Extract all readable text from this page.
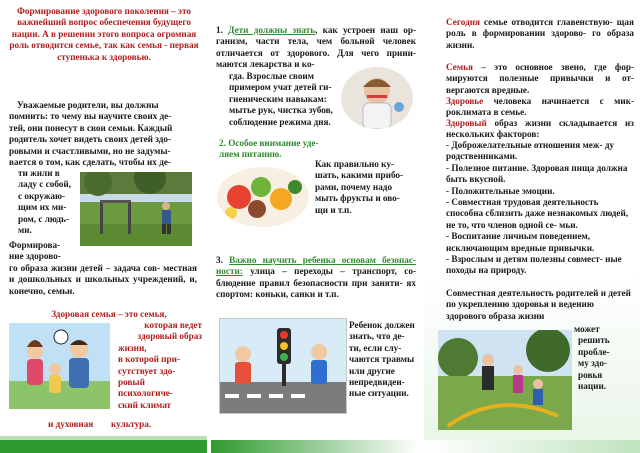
Формирование здорового поколения – это важнейший вопрос обеспечения будущего нации. А в решении этого вопроса огромная роль отводится семье, так как семья - первая ступенька к здоровью.

Уважаемые родители, вы должны
помнить: то чему вы научите своих де-
тей, они понесут в свои семьи. Каждый
родитель хочет видеть своих детей здо-
ровыми и счастливыми, но не задумы-
вается о том, как сделать, чтобы их де-
ти жили в
ладу с собой,
с окружаю-
щим их ми-
ром, с людь-
ми.
Формирова-
ние здорово-

го образа жизни детей – задача сов- местная и дошкольных и школьных учреждений, и, конечно, семьи.

Здоровая семья – это семья,
которая ведет
здоровый образ
жизни,
в которой при-
сутствует здо-
ровый
психологиче-
ский климат
и духовная культура.

1. Дети должны знать, как устроен наш ор- ганизм, части тела, чем больной человек отличается от здорового. Для чего прини- маются лекарства и ко-

гда. Взрослые своим
примером учат детей ги-
гиеническим навыкам:
мытье рук, чистка зубов,
соблюдение режима дня.

2. Особое внимание уде- ляем питанию.

Как правильно ку-
шать, какими прибо-
рами, почему надо
мыть фрукты и ово-
щи и т.п.

3. Важно научить ребенка основам безопас- ности: улица – переходы – транспорт, со- блюдение правил безопасности при заняти- ях спортом: коньки, санки и т.п.

Ребенок должен
знать, что де-
ти, если слу-
чаются травмы
или другие
непредвиден-
ные ситуации.

Сегодня семье отводится главенствую- щая роль в формировании здорово- го образа жизни.

Семья – это основное звено, где фор- мируются полезные привычки и от- вергаются вредные.

Здоровье человека начинается с мик- роклимата в семье.

Здоровый образ жизни складывается из нескольких факторов:

- Доброжелательные отношения меж- ду родственниками.
- Полезное питание. Здоровая пища должна быть вкусной.
- Положительные эмоции.
- Совместная трудовая деятельность способна сблизить даже незнакомых людей, не то, что членов одной се- мьи.
- Воспитание личным поведением, исключающим вредные привычки.
- Взрослым и детям полезны совмест- ные походы на природу.

Совместная деятельность родителей и детей по укреплению здоровья и ведению здорового образа жизни

может
решить
пробле-
му здо-
ровья
нации.
